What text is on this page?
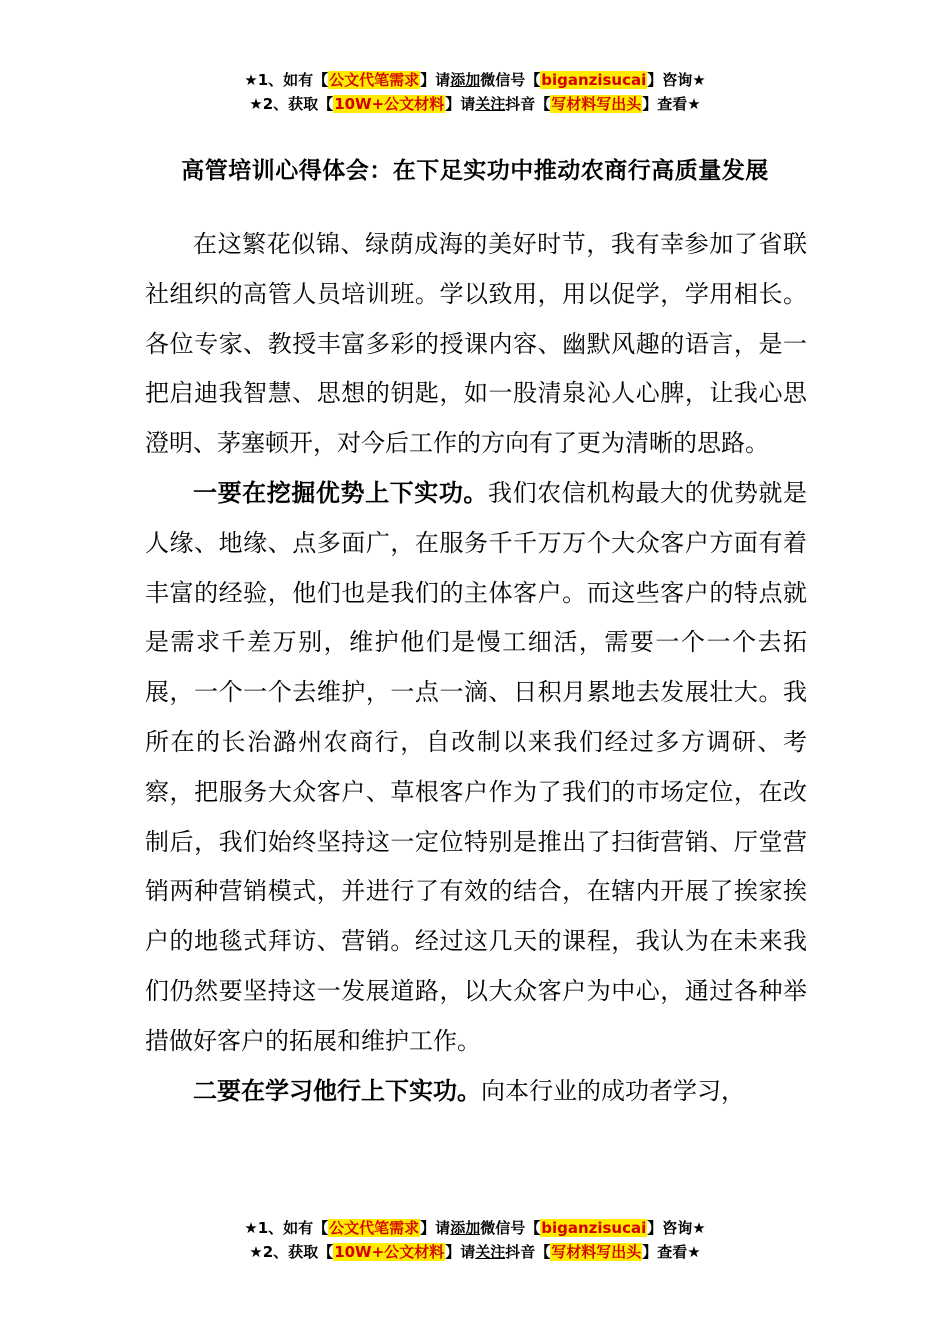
★1、如有【公文代笔需求】请添加微信号【biganzisucai】咨询★
★2、获取【10W+公文材料】请关注抖音【写材料写出头】查看★
高管培训心得体会：在下足实功中推动农商行高质量发展

在这繁花似锦、绿荫成海的美好时节，我有幸参加了省联社组织的高管人员培训班。学以致用，用以促学，学用相长。各位专家、教授丰富多彩的授课内容、幽默风趣的语言，是一把启迪我智慧、思想的钥匙，如一股清泉沁人心脾，让我心思澄明、茅塞顿开，对今后工作的方向有了更为清晰的思路。

一要在挖掘优势上下实功。我们农信机构最大的优势就是人缘、地缘、点多面广，在服务千千万万个大众客户方面有着丰富的经验，他们也是我们的主体客户。而这些客户的特点就是需求千差万别，维护他们是慢工细活，需要一个一个去拓展，一个一个去维护，一点一滴、日积月累地去发展壮大。我所在的长治潞州农商行，自改制以来我们经过多方调研、考察，把服务大众客户、草根客户作为了我们的市场定位，在改制后，我们始终坚持这一定位特别是推出了扫街营销、厅堂营销两种营销模式，并进行了有效的结合，在辖内开展了挨家挨户的地毯式拜访、营销。经过这几天的课程，我认为在未来我们仍然要坚持这一发展道路，以大众客户为中心，通过各种举措做好客户的拓展和维护工作。

二要在学习他行上下实功。向本行业的成功者学习，

★1、如有【公文代笔需求】请添加微信号【biganzisucai】咨询★
★2、获取【10W+公文材料】请关注抖音【写材料写出头】查看★
